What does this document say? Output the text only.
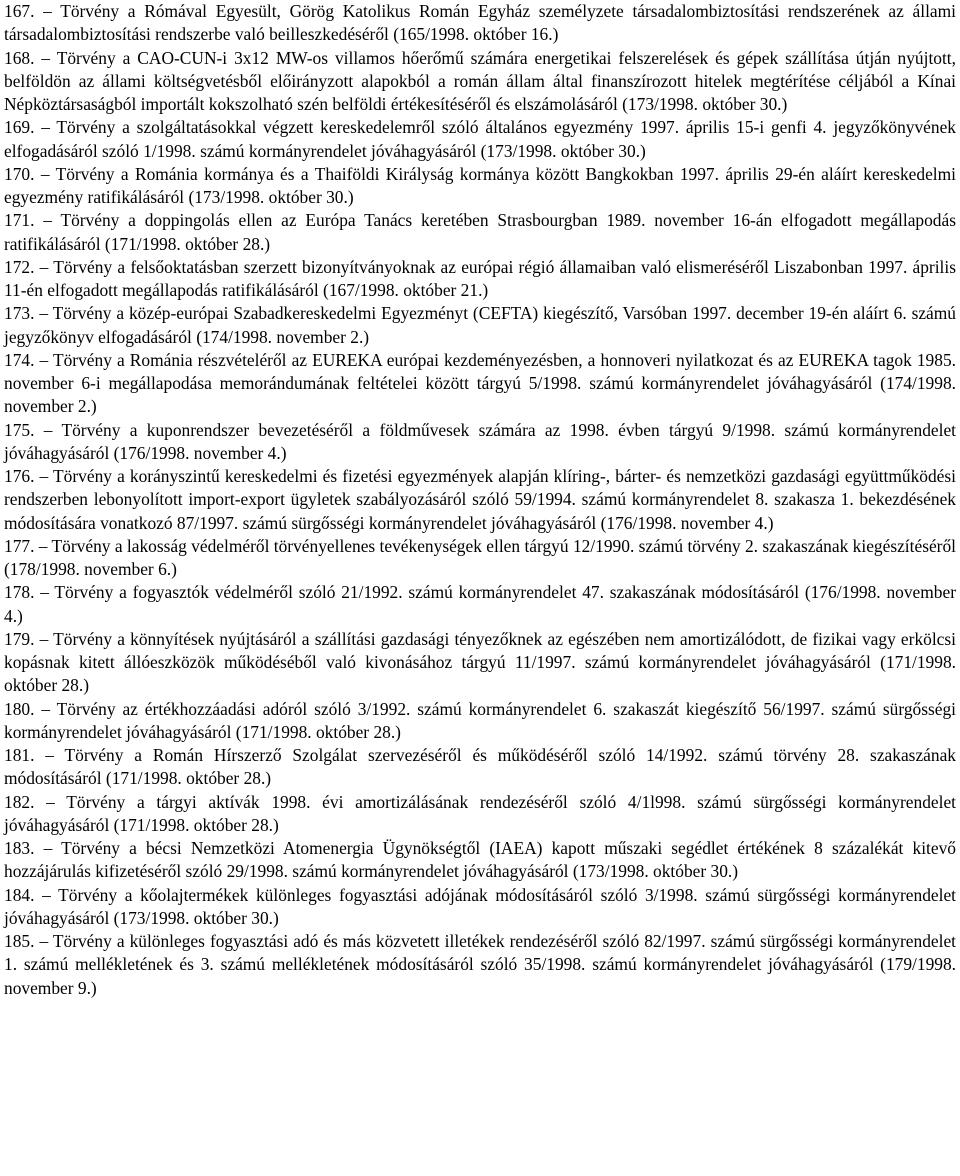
167. – Törvény a Rómával Egyesült, Görög Katolikus Román Egyház személyzete társadalombiztosítási rendszerének az állami társadalombiztosítási rendszerbe való beilleszkedéséről (165/1998. október 16.)

168. – Törvény a CAO-CUN-i 3x12 MW-os villamos hőerőmű számára energetikai felszerelések és gépek szállítása útján nyújtott, belföldön az állami költségvetésből előirányzott alapokból a román állam által finanszírozott hitelek megtérítése céljából a Kínai Népköztársaságból importált kokszolható szén belföldi értékesítéséről és elszámolásáról (173/1998. október 30.)

169. – Törvény a szolgáltatásokkal végzett kereskedelemről szóló általános egyezmény 1997. április 15-i genfi 4. jegyzőkönyvének elfogadásáról szóló 1/1998. számú kormányrendelet jóváhagyásáról (173/1998. október 30.)

170. – Törvény a Románia kormánya és a Thaiföldi Királyság kormánya között Bangkokban 1997. április 29-én aláírt kereskedelmi egyezmény ratifikálásáról (173/1998. október 30.)

171. – Törvény a doppingolás ellen az Európa Tanács keretében Strasbourgban 1989. november 16-án elfogadott megállapodás ratifikálásáról (171/1998. október 28.)

172. – Törvény a felsőoktatásban szerzett bizonyítványoknak az európai régió államaiban való elismeréséről Liszabonban 1997. április 11-én elfogadott megállapodás ratifikálásáról (167/1998. október 21.)

173. – Törvény a közép-európai Szabadkereskedelmi Egyezményt (CEFTA) kiegészítő, Varsóban 1997. december 19-én aláírt 6. számú jegyzőkönyv elfogadásáról (174/1998. november 2.)

174. – Törvény a Románia részvételéről az EUREKA európai kezdeményezésben, a honnoveri nyilatkozat és az EUREKA tagok 1985. november 6-i megállapodása memorándumának feltételei között tárgyú 5/1998. számú kormányrendelet jóváhagyásáról (174/1998. november 2.)

175. – Törvény a kuponrendszer bevezetéséről a földművesek számára az 1998. évben tárgyú 9/1998. számú kormányrendelet jóváhagyásáról (176/1998. november 4.)

176. – Törvény a korányszintű kereskedelmi és fizetési egyezmények alapján klíring-, bárter- és nemzetközi gazdasági együttműködési rendszerben lebonyolított import-export ügyletek szabályozásáról szóló 59/1994. számú kormányrendelet 8. szakasza 1. bekezdésének módosítására vonatkozó 87/1997. számú sürgősségi kormányrendelet jóváhagyásáról (176/1998. november 4.)

177. – Törvény a lakosság védelméről törvényellenes tevékenységek ellen tárgyú 12/1990. számú törvény 2. szakaszának kiegészítéséről (178/1998. november 6.)

178. – Törvény a fogyasztók védelméről szóló 21/1992. számú kormányrendelet 47. szakaszának módosításáról (176/1998. november 4.)

179. – Törvény a könnyítések nyújtásáról a szállítási gazdasági tényezőknek az egészében nem amortizálódott, de fizikai vagy erkölcsi kopásnak kitett állóeszközök működéséből való kivonásához tárgyú 11/1997. számú kormányrendelet jóváhagyásáról (171/1998. október 28.)

180. – Törvény az értékhozzáadási adóról szóló 3/1992. számú kormányrendelet 6. szakaszát kiegészítő 56/1997. számú sürgősségi kormányrendelet jóváhagyásáról (171/1998. október 28.)

181. – Törvény a Román Hírszerző Szolgálat szervezéséről és működéséről szóló 14/1992. számú törvény 28. szakaszának módosításáról (171/1998. október 28.)

182. – Törvény a tárgyi aktívák 1998. évi amortizálásának rendezéséről szóló 4/1l998. számú sürgősségi kormányrendelet jóváhagyásáról (171/1998. október 28.)

183. – Törvény a bécsi Nemzetközi Atomenergia Ügynökségtől (IAEA) kapott műszaki segédlet értékének 8 százalékát kitevő hozzájárulás kifizetéséről szóló 29/1998. számú kormányrendelet jóváhagyásáról (173/1998. október 30.)

184. – Törvény a kőolajtermékek különleges fogyasztási adójának módosításáról szóló 3/1998. számú sürgősségi kormányrendelet jóváhagyásáról (173/1998. október 30.)

185. – Törvény a különleges fogyasztási adó és más közvetett illetékek rendezéséről szóló 82/1997. számú sürgősségi kormányrendelet 1. számú mellékletének és 3. számú mellékletének módosításáról szóló 35/1998. számú kormányrendelet jóváhagyásáról (179/1998. november 9.)
